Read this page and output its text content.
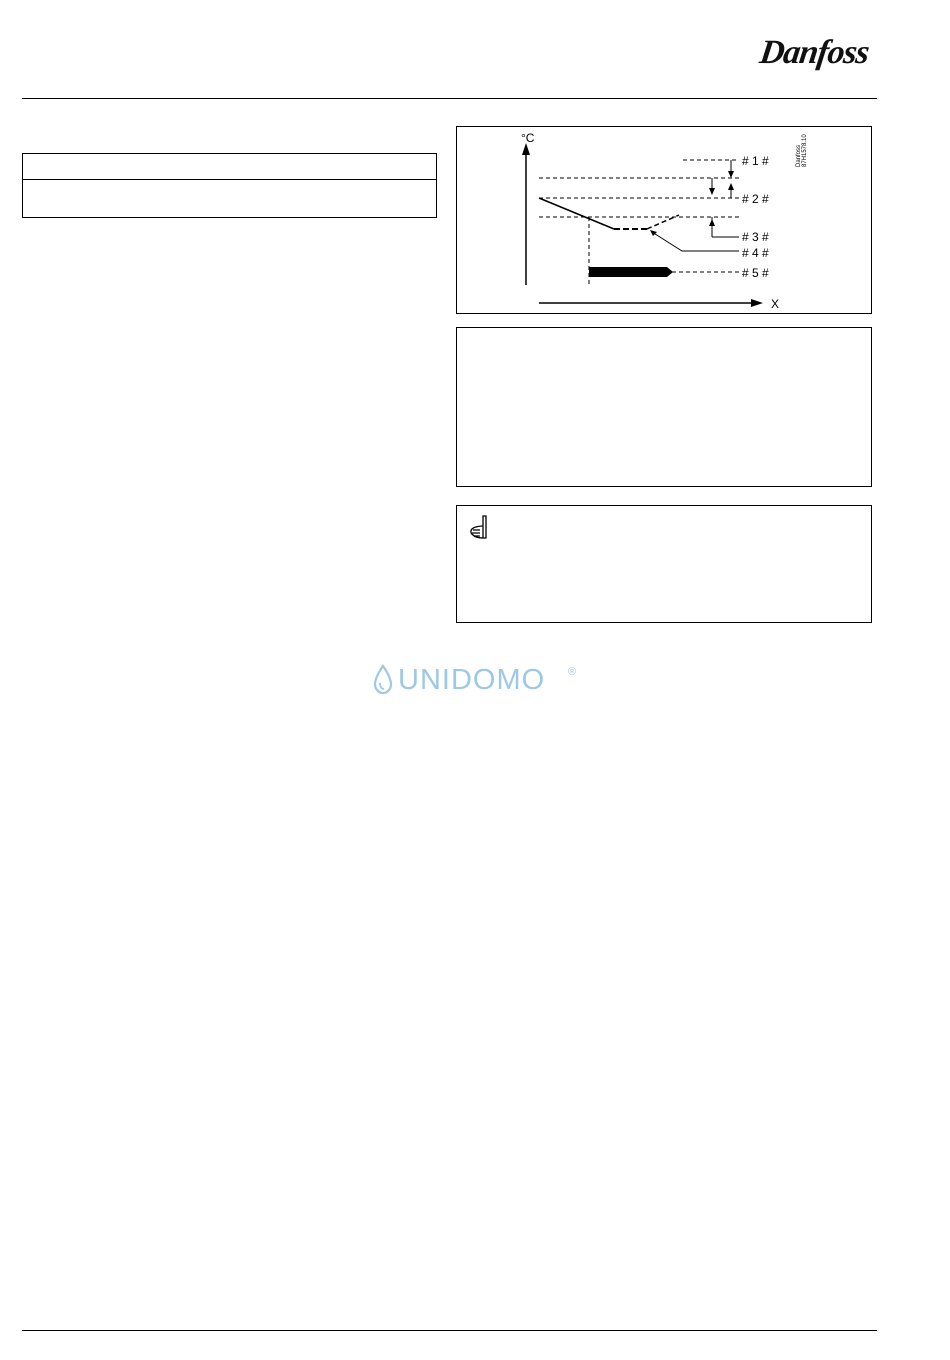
Danfoss
°C
X
# 1 #
# 2 #
# 3 #
# 4 #
# 5 #
Danfoss 87H1578.10
UNIDOMO ®
